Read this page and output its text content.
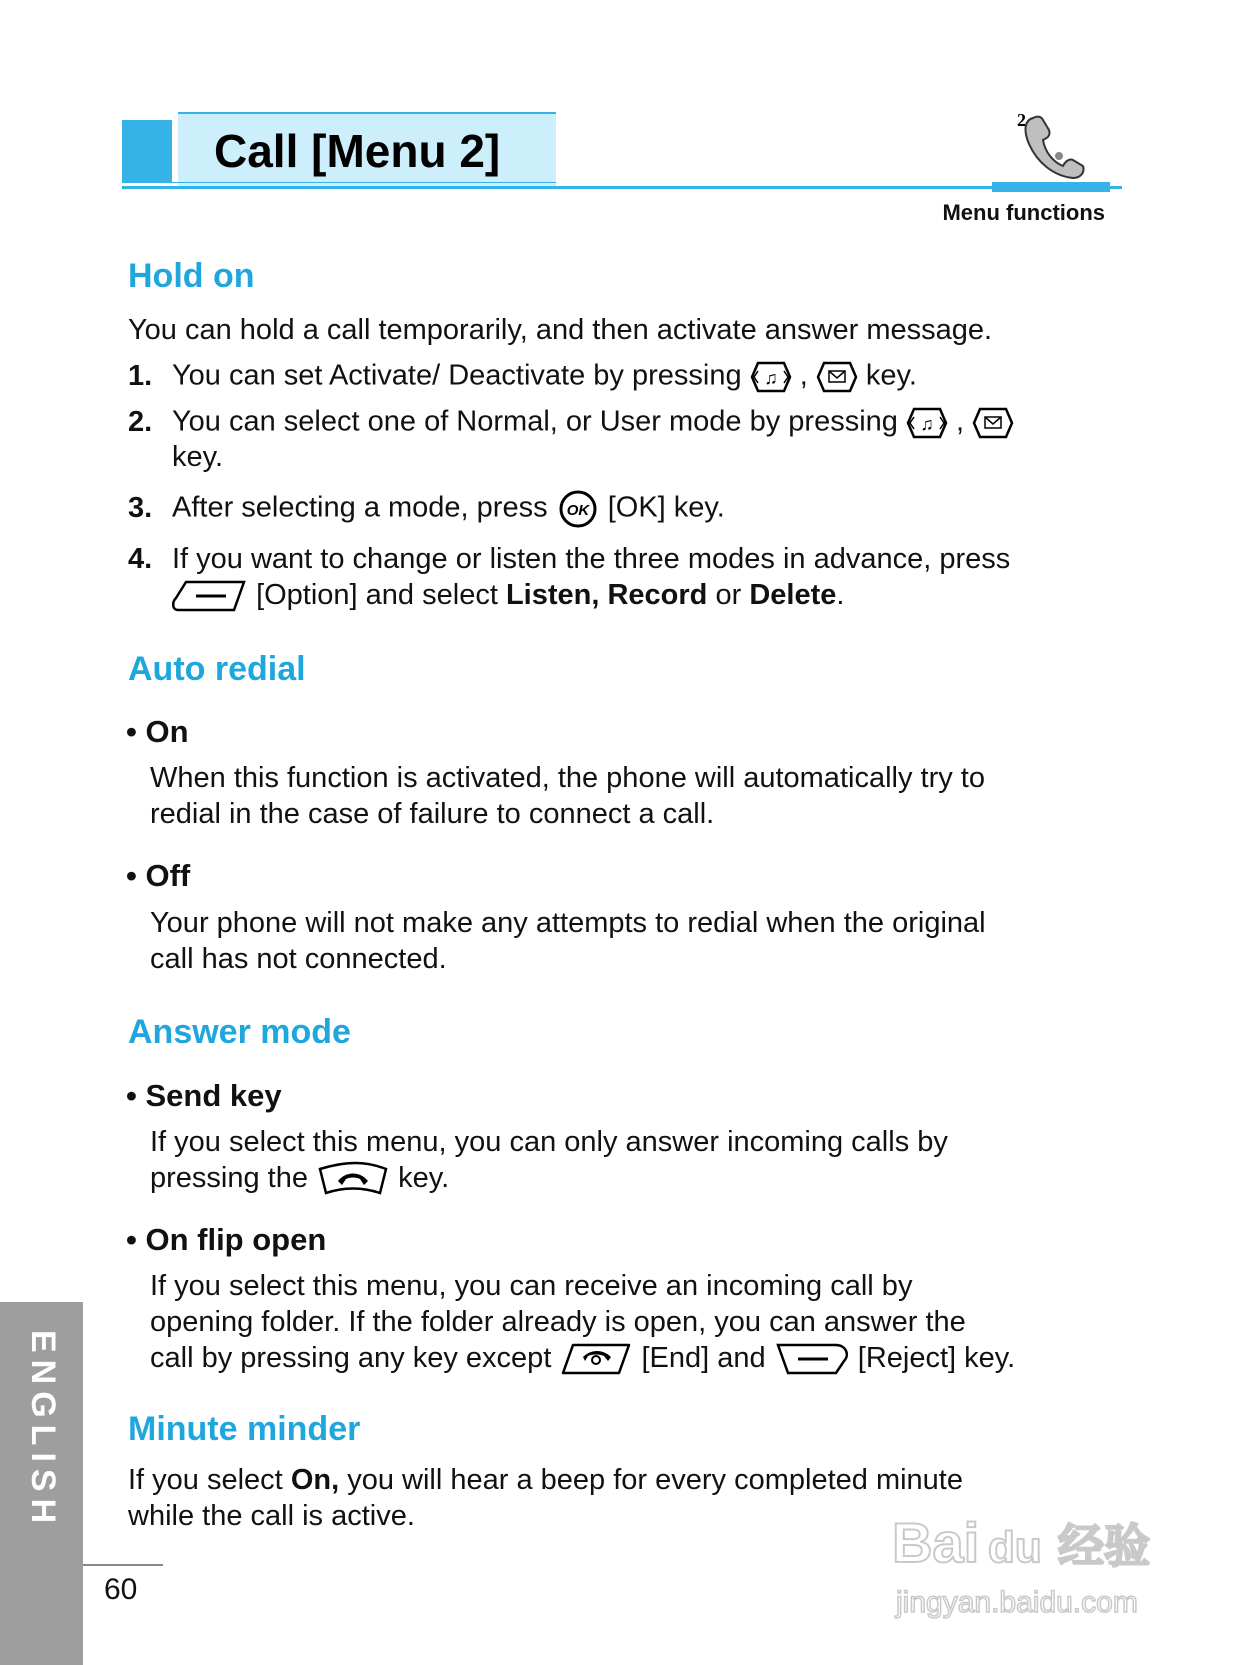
Call [Menu 2]
2
Menu functions
Hold on
You can hold a call temporarily, and then activate answer message.
1. You can set Activate/ Deactivate by pressing ♫ , key.
2. You can select one of Normal, or User mode by pressing ♫ ,
key.
3. After selecting a mode, press OK [OK] key.
4. If you want to change or listen the three modes in advance, press
[Option] and select Listen, Record or Delete.
Auto redial
• On
When this function is activated, the phone will automatically try to
redial in the case of failure to connect a call.
• Off
Your phone will not make any attempts to redial when the original
call has not connected.
Answer mode
• Send key
If you select this menu, you can only answer incoming calls by
pressing the	key.
• On flip open
If you select this menu, you can receive an incoming call by
opening folder. If the folder already is open, you can answer the
call by pressing any key except	[End] and	[Reject] key.
Minute minder
If you select On, you will hear a beep for every completed minute
while the call is active.
ENGLISH
60
Bai du 经验
jingyan.baidu.com
